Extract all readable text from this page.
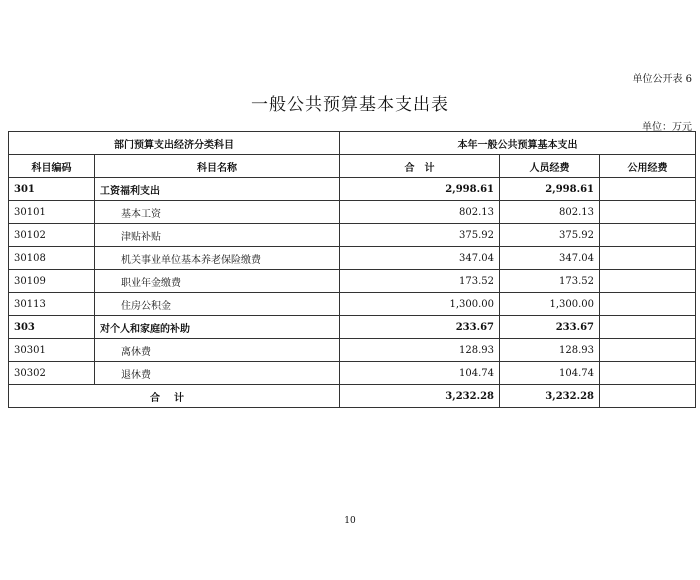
单位公开表 6
一般公共预算基本支出表
单位：万元
部门预算支出经济分类科目		本年一般公共预算基本支出		
科目编码	科目名称	合　计	人员经费	公用经费
301	工资福利支出	2,998.61	2,998.61	
30101	基本工资	802.13	802.13	
30102	津贴补贴	375.92	375.92	
30108	机关事业单位基本养老保险缴费	347.04	347.04	
30109	职业年金缴费	173.52	173.52	
30113	住房公积金	1,300.00	1,300.00	
303	对个人和家庭的补助	233.67	233.67	
30301	离休费	128.93	128.93	
30302	退休费	104.74	104.74	
合计		3,232.28	3,232.28	
10
